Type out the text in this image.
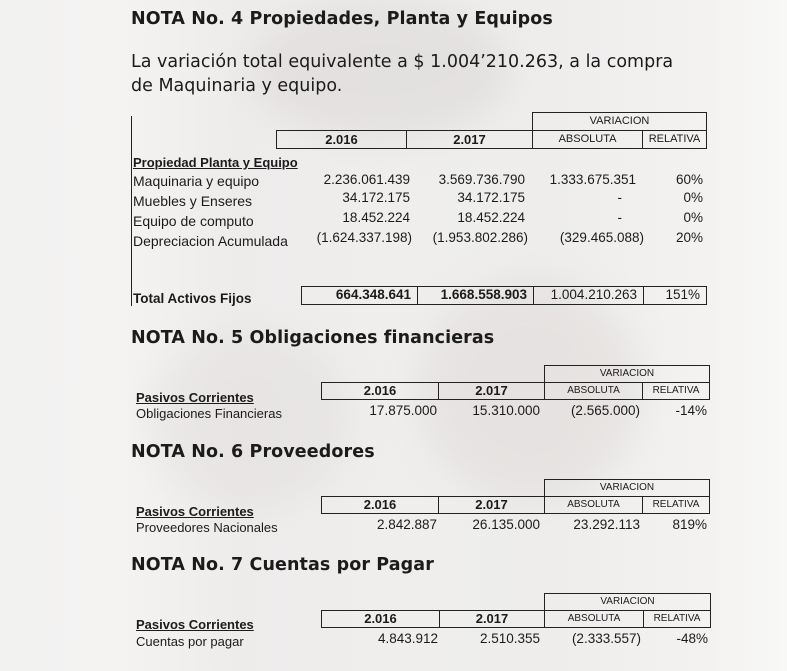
NOTA No. 4 Propiedades, Planta y Equipos
La variación total equivalente a $ 1.004’210.263, a la compra
de Maquinaria y equipo.
VARIACION
2.016	2.017	ABSOLUTA	RELATIVA
Propiedad Planta y Equipo
Maquinaria y equipo	2.236.061.439	3.569.736.790	1.333.675.351	60%
Muebles y Enseres	34.172.175	34.172.175	-	0%
Equipo de computo	18.452.224	18.452.224	-	0%
Depreciacion Acumulada	(1.624.337.198)	(1.953.802.286)	(329.465.088)	20%
Total Activos Fijos	664.348.641	1.668.558.903	1.004.210.263	151%
NOTA No. 5 Obligaciones financieras
VARIACION
2.016	2.017	ABSOLUTA	RELATIVA
Pasivos Corrientes
Obligaciones Financieras	17.875.000	15.310.000	(2.565.000)	-14%
NOTA No. 6 Proveedores
VARIACION
2.016	2.017	ABSOLUTA	RELATIVA
Pasivos Corrientes
Proveedores Nacionales	2.842.887	26.135.000	23.292.113	819%
NOTA No. 7 Cuentas por Pagar
VARIACION
2.016	2.017	ABSOLUTA	RELATIVA
Pasivos Corrientes
Cuentas por pagar	4.843.912	2.510.355	(2.333.557)	-48%
